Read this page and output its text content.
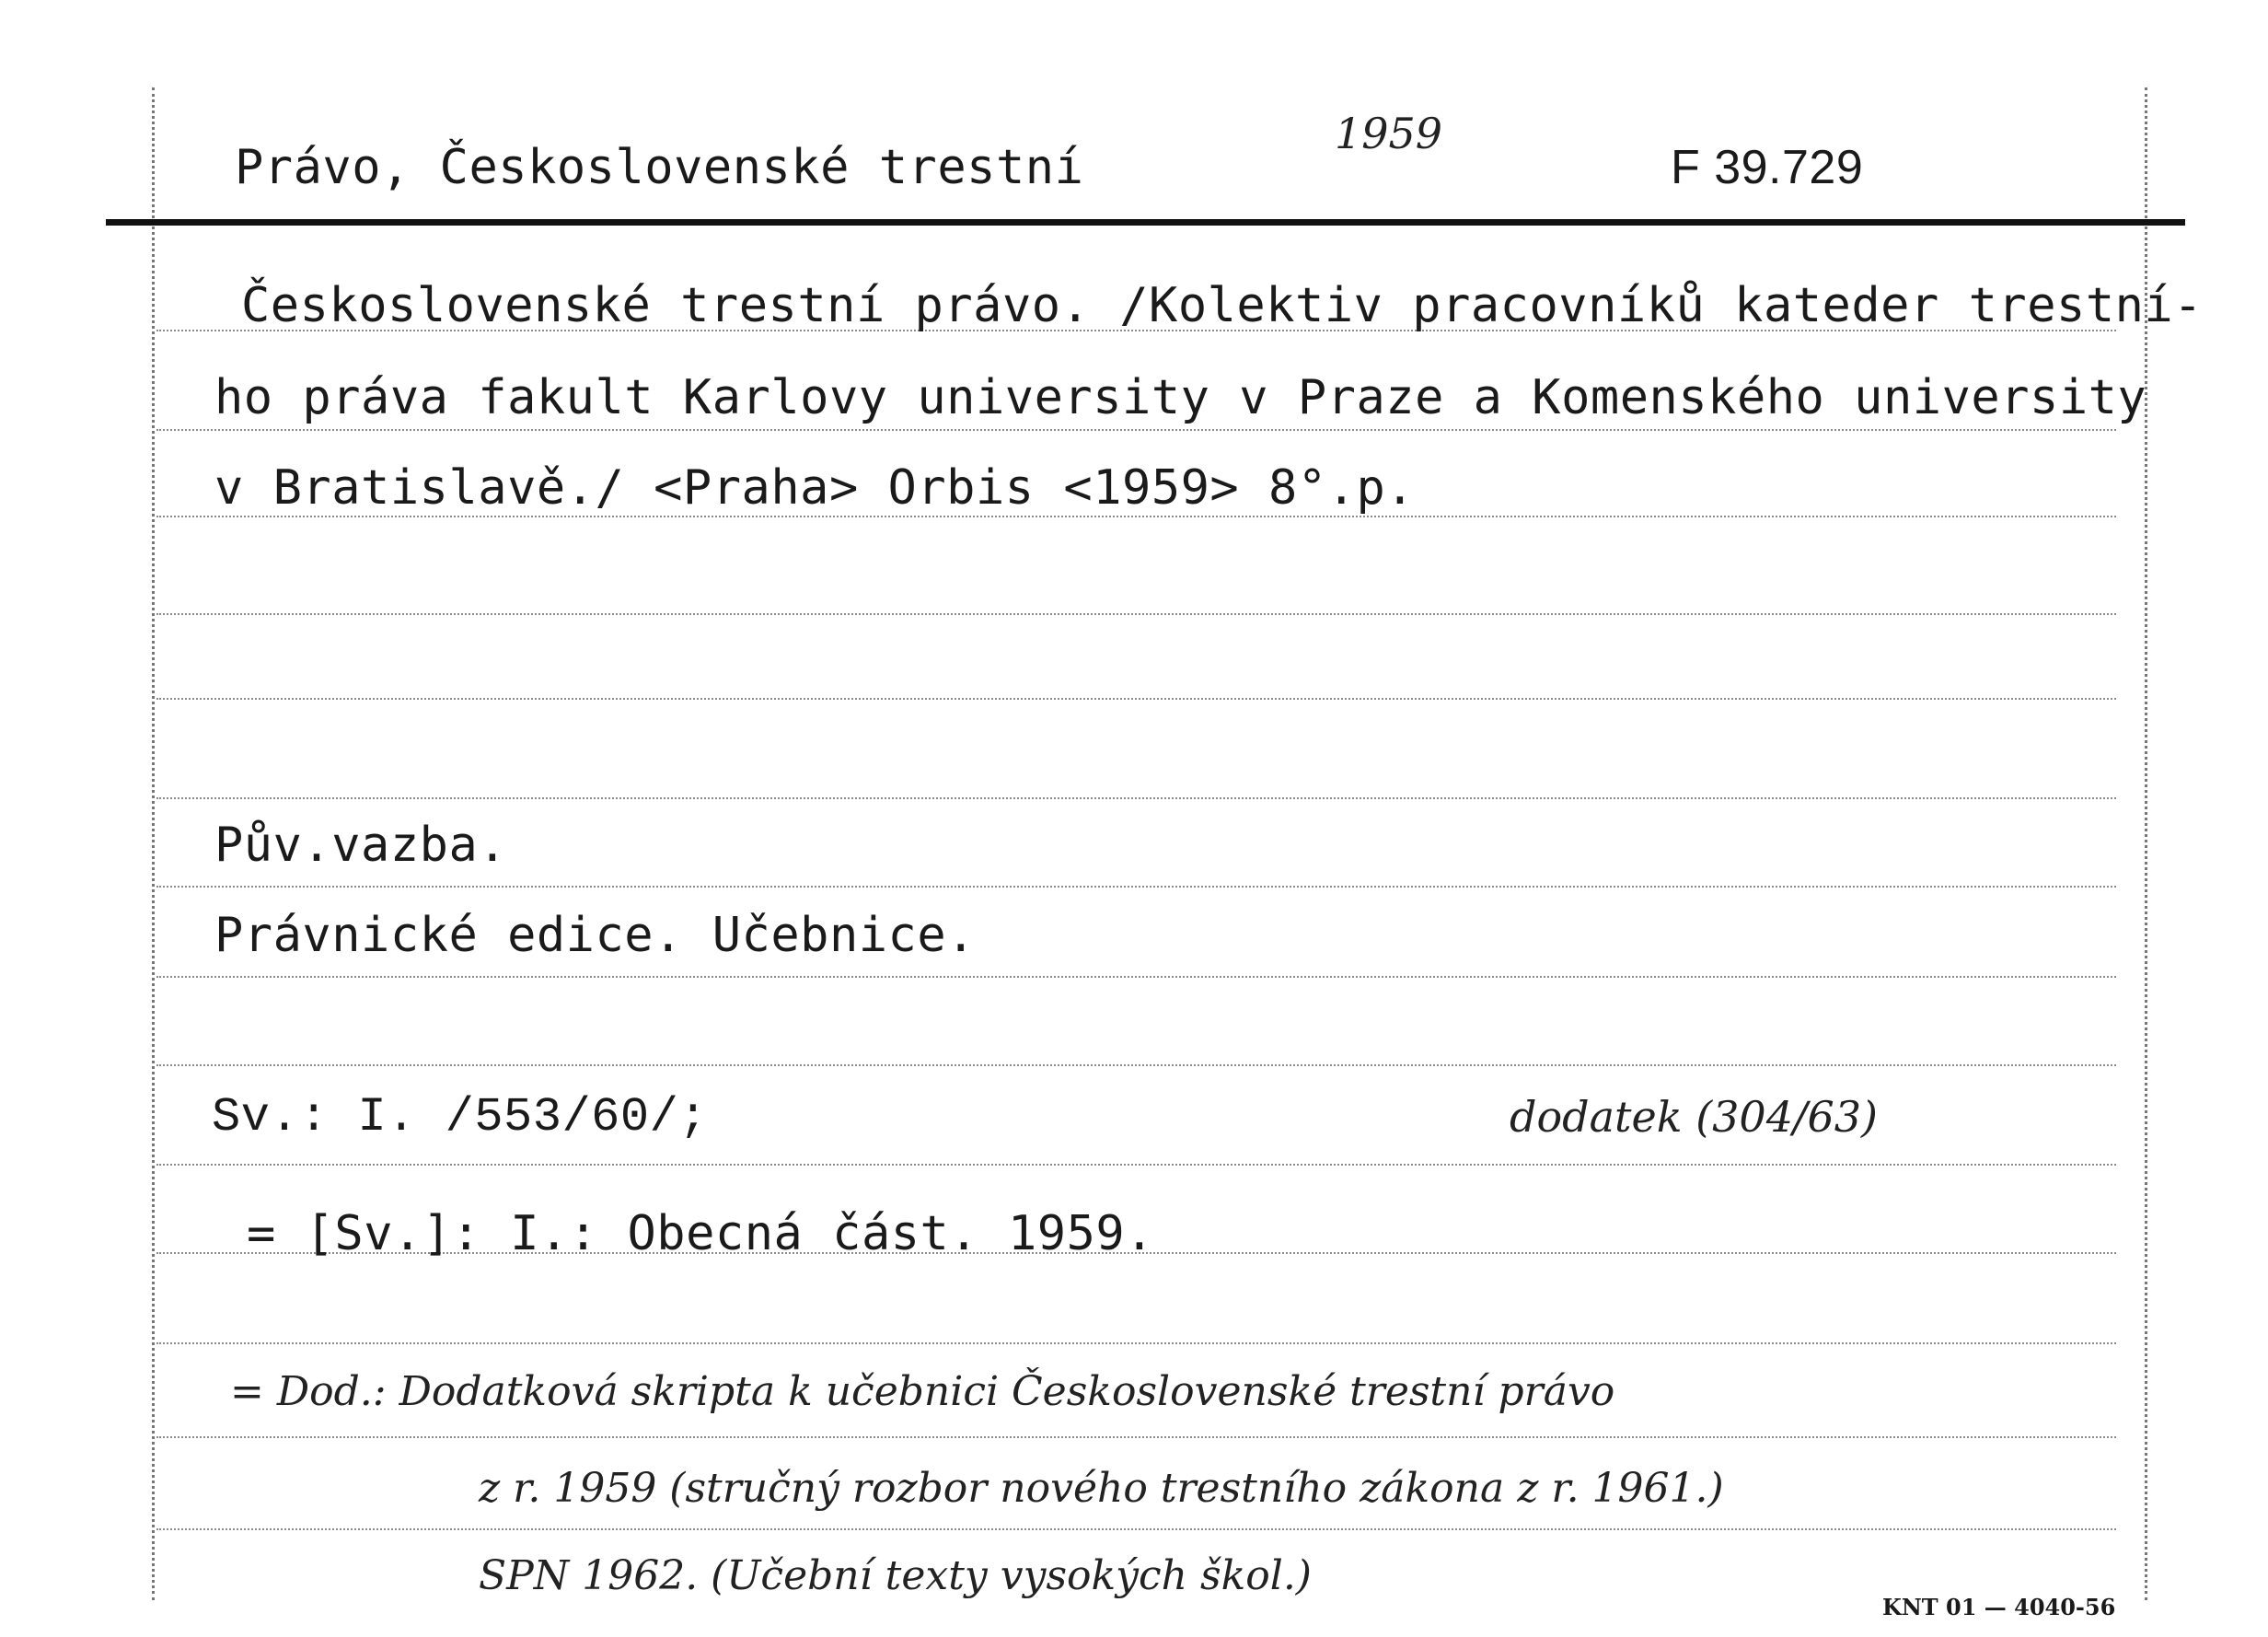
Právo, Československé trestní
1959
F 39.729
Československé trestní právo. /Kolektiv pracovníků kateder trestní-
ho práva fakult Karlovy university v Praze a Komenského university
v Bratislavě./ <Praha> Orbis <1959> 8°.p.
Pův.vazba.
Právnické edice. Učebnice.
Sv.: I. /553/60/;	dodatek (304/63)
= [Sv.]: I.: Obecná část. 1959.
= Dod.: Dodatková skripta k učebnici Československé trestní právo
z r. 1959 (stručný rozbor nového trestního zákona z r. 1961.)
SPN 1962. (Učební texty vysokých škol.)
KNT 01 — 4040-56
